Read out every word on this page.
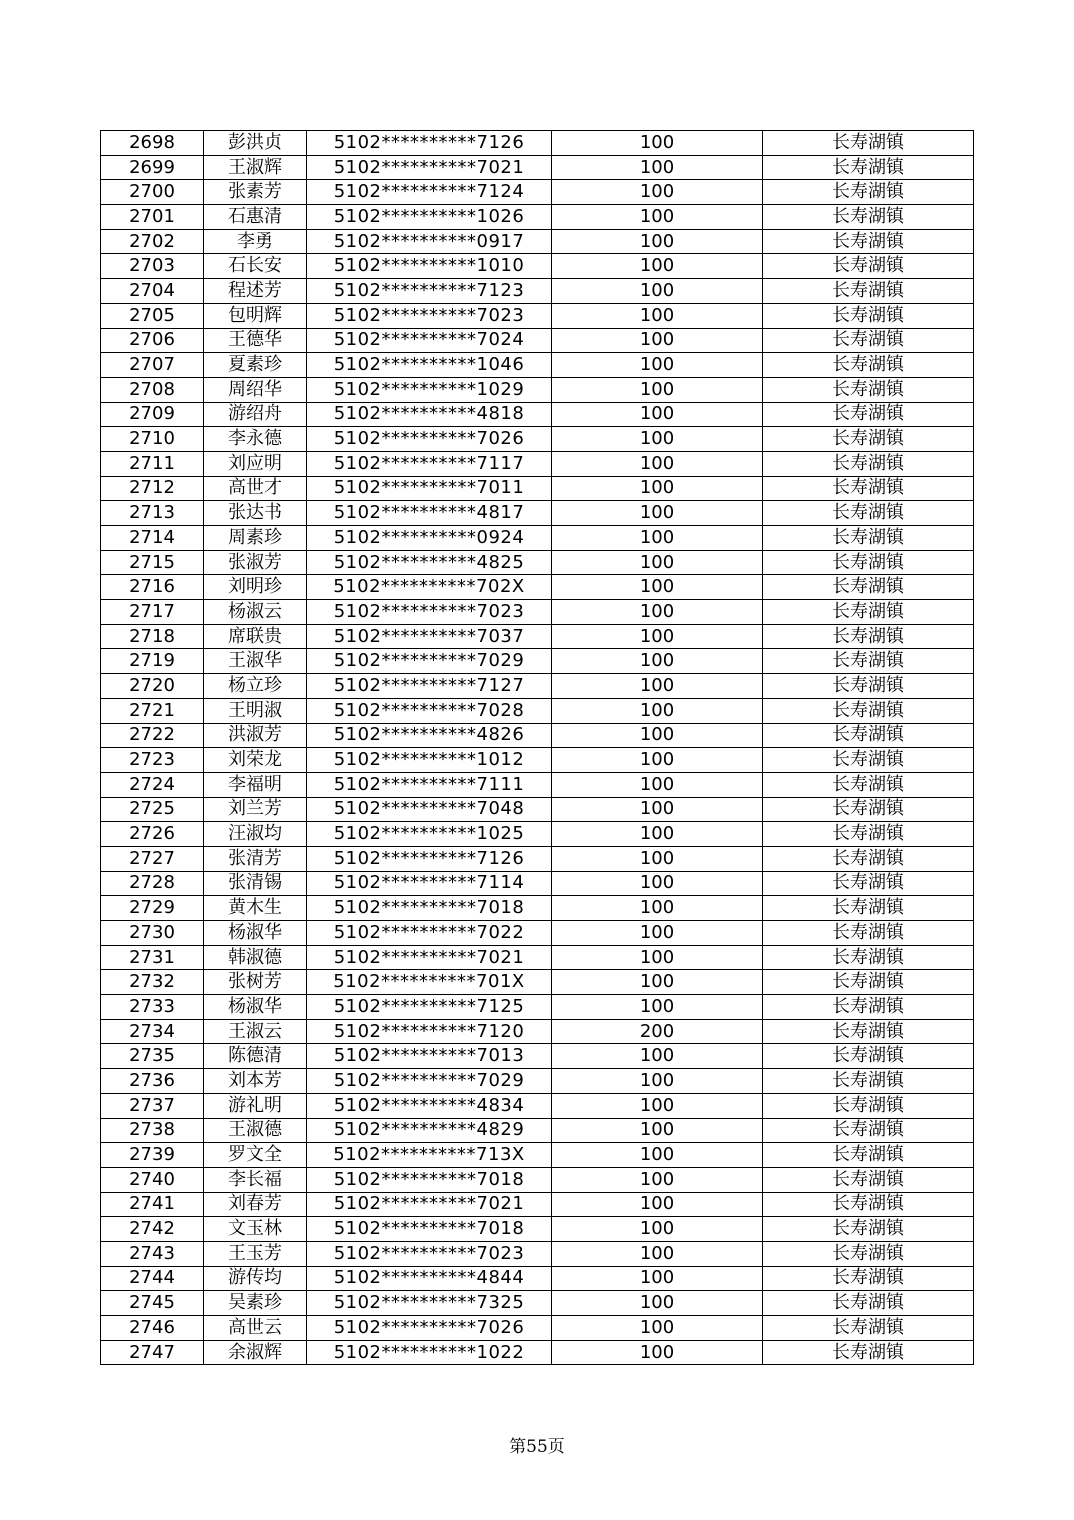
2698	彭洪贞	5102**********7126	100	长寿湖镇
2699	王淑辉	5102**********7021	100	长寿湖镇
2700	张素芳	5102**********7124	100	长寿湖镇
2701	石惠清	5102**********1026	100	长寿湖镇
2702	李勇	5102**********0917	100	长寿湖镇
2703	石长安	5102**********1010	100	长寿湖镇
2704	程述芳	5102**********7123	100	长寿湖镇
2705	包明辉	5102**********7023	100	长寿湖镇
2706	王德华	5102**********7024	100	长寿湖镇
2707	夏素珍	5102**********1046	100	长寿湖镇
2708	周绍华	5102**********1029	100	长寿湖镇
2709	游绍舟	5102**********4818	100	长寿湖镇
2710	李永德	5102**********7026	100	长寿湖镇
2711	刘应明	5102**********7117	100	长寿湖镇
2712	高世才	5102**********7011	100	长寿湖镇
2713	张达书	5102**********4817	100	长寿湖镇
2714	周素珍	5102**********0924	100	长寿湖镇
2715	张淑芳	5102**********4825	100	长寿湖镇
2716	刘明珍	5102**********702X	100	长寿湖镇
2717	杨淑云	5102**********7023	100	长寿湖镇
2718	席联贵	5102**********7037	100	长寿湖镇
2719	王淑华	5102**********7029	100	长寿湖镇
2720	杨立珍	5102**********7127	100	长寿湖镇
2721	王明淑	5102**********7028	100	长寿湖镇
2722	洪淑芳	5102**********4826	100	长寿湖镇
2723	刘荣龙	5102**********1012	100	长寿湖镇
2724	李福明	5102**********7111	100	长寿湖镇
2725	刘兰芳	5102**********7048	100	长寿湖镇
2726	汪淑均	5102**********1025	100	长寿湖镇
2727	张清芳	5102**********7126	100	长寿湖镇
2728	张清锡	5102**********7114	100	长寿湖镇
2729	黄木生	5102**********7018	100	长寿湖镇
2730	杨淑华	5102**********7022	100	长寿湖镇
2731	韩淑德	5102**********7021	100	长寿湖镇
2732	张树芳	5102**********701X	100	长寿湖镇
2733	杨淑华	5102**********7125	100	长寿湖镇
2734	王淑云	5102**********7120	200	长寿湖镇
2735	陈德清	5102**********7013	100	长寿湖镇
2736	刘本芳	5102**********7029	100	长寿湖镇
2737	游礼明	5102**********4834	100	长寿湖镇
2738	王淑德	5102**********4829	100	长寿湖镇
2739	罗文全	5102**********713X	100	长寿湖镇
2740	李长福	5102**********7018	100	长寿湖镇
2741	刘春芳	5102**********7021	100	长寿湖镇
2742	文玉林	5102**********7018	100	长寿湖镇
2743	王玉芳	5102**********7023	100	长寿湖镇
2744	游传均	5102**********4844	100	长寿湖镇
2745	吴素珍	5102**********7325	100	长寿湖镇
2746	高世云	5102**********7026	100	长寿湖镇
2747	余淑辉	5102**********1022	100	长寿湖镇
第55页
